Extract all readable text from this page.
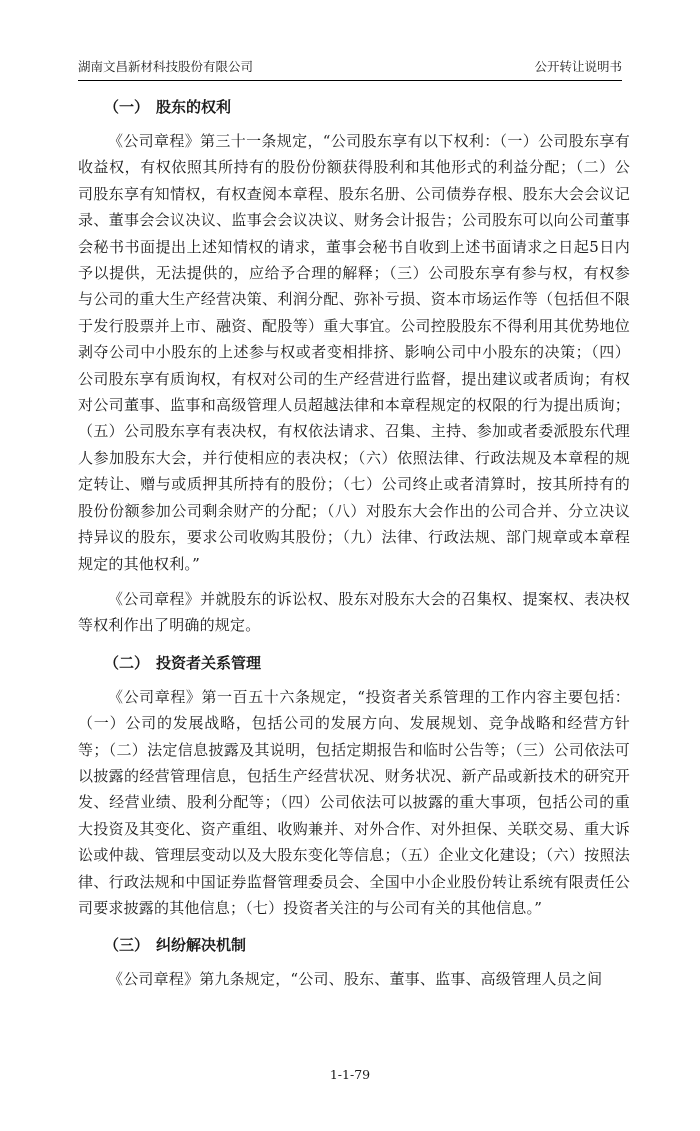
湖南文昌新材科技股份有限公司	公开转让说明书
（一） 股东的权利

《公司章程》第三十一条规定，“公司股东享有以下权利：（一）公司股东享有收益权，有权依照其所持有的股份份额获得股利和其他形式的利益分配；（二）公司股东享有知情权，有权查阅本章程、股东名册、公司债券存根、股东大会会议记录、董事会会议决议、监事会会议决议、财务会计报告；公司股东可以向公司董事会秘书书面提出上述知情权的请求，董事会秘书自收到上述书面请求之日起5日内予以提供，无法提供的，应给予合理的解释；（三）公司股东享有参与权，有权参与公司的重大生产经营决策、利润分配、弥补亏损、资本市场运作等（包括但不限于发行股票并上市、融资、配股等）重大事宜。公司控股股东不得利用其优势地位剥夺公司中小股东的上述参与权或者变相排挤、影响公司中小股东的决策；（四）公司股东享有质询权，有权对公司的生产经营进行监督，提出建议或者质询；有权对公司董事、监事和高级管理人员超越法律和本章程规定的权限的行为提出质询；（五）公司股东享有表决权，有权依法请求、召集、主持、参加或者委派股东代理人参加股东大会，并行使相应的表决权；（六）依照法律、行政法规及本章程的规定转让、赠与或质押其所持有的股份；（七）公司终止或者清算时，按其所持有的股份份额参加公司剩余财产的分配；（八）对股东大会作出的公司合并、分立决议持异议的股东，要求公司收购其股份；（九）法律、行政法规、部门规章或本章程规定的其他权利。”

《公司章程》并就股东的诉讼权、股东对股东大会的召集权、提案权、表决权等权利作出了明确的规定。

（二） 投资者关系管理

《公司章程》第一百五十六条规定，“投资者关系管理的工作内容主要包括：（一）公司的发展战略，包括公司的发展方向、发展规划、竞争战略和经营方针等；（二）法定信息披露及其说明，包括定期报告和临时公告等；（三）公司依法可以披露的经营管理信息，包括生产经营状况、财务状况、新产品或新技术的研究开发、经营业绩、股利分配等；（四）公司依法可以披露的重大事项，包括公司的重大投资及其变化、资产重组、收购兼并、对外合作、对外担保、关联交易、重大诉讼或仲裁、管理层变动以及大股东变化等信息；（五）企业文化建设；（六）按照法律、行政法规和中国证券监督管理委员会、全国中小企业股份转让系统有限责任公司要求披露的其他信息；（七）投资者关注的与公司有关的其他信息。”

（三） 纠纷解决机制

《公司章程》第九条规定，“公司、股东、董事、监事、高级管理人员之间

1-1-79
